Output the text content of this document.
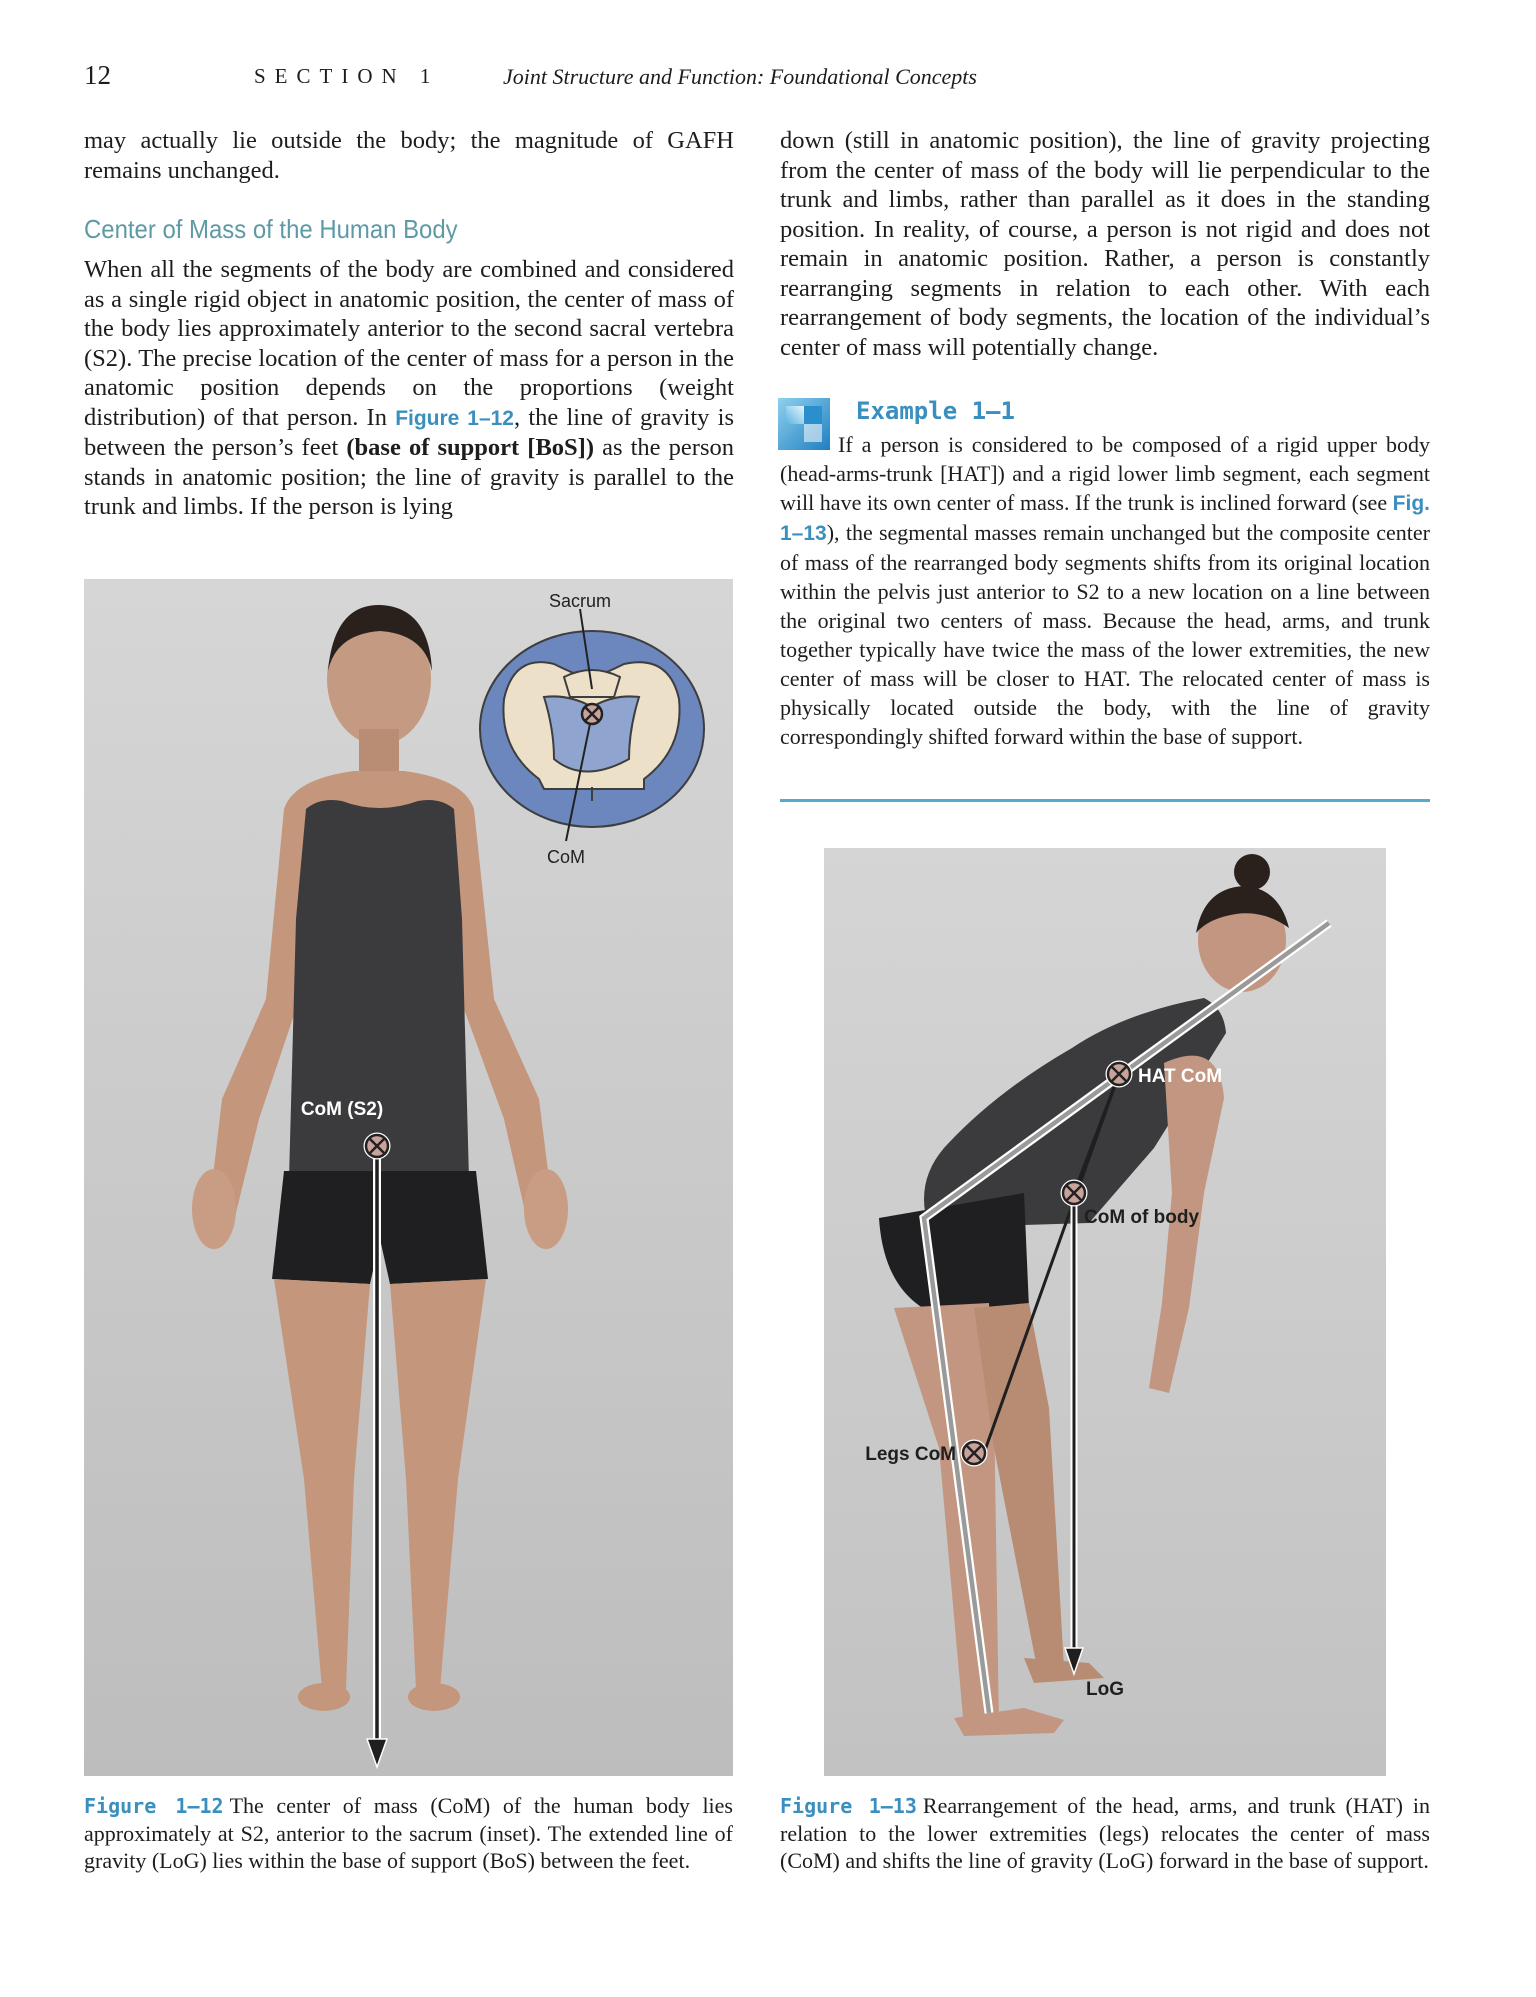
12	SECTION 1	Joint Structure and Function: Foundational Concepts
may actually lie outside the body; the magnitude of GAFH remains unchanged.
Center of Mass of the Human Body
When all the segments of the body are combined and considered as a single rigid object in anatomic position, the center of mass of the body lies approximately anterior to the second sacral vertebra (S2). The precise location of the center of mass for a person in the anatomic position depends on the proportions (weight distribution) of that person. In Figure 1–12, the line of gravity is between the person’s feet (base of support [BoS]) as the person stands in anatomic position; the line of gravity is parallel to the trunk and limbs. If the person is lying
down (still in anatomic position), the line of gravity projecting from the center of mass of the body will lie perpendicular to the trunk and limbs, rather than parallel as it does in the standing position. In reality, of course, a person is not rigid and does not remain in anatomic position. Rather, a person is constantly rearranging segments in relation to each other. With each rearrangement of body segments, the location of the individual’s center of mass will potentially change.
Example 1–1
If a person is considered to be composed of a rigid upper body (head-arms-trunk [HAT]) and a rigid lower limb segment, each segment will have its own center of mass. If the trunk is inclined forward (see Fig. 1–13), the segmental masses remain unchanged but the composite center of mass of the rearranged body segments shifts from its original location within the pelvis just anterior to S2 to a new location on a line between the original two centers of mass. Because the head, arms, and trunk together typically have twice the mass of the lower extremities, the new center of mass will be closer to HAT. The relocated center of mass is physically located outside the body, with the line of gravity correspondingly shifted forward within the base of support.
Sacrum
CoM
CoM (S2)
HAT CoM
CoM of body
Legs CoM
LoG
Figure 1–12 The center of mass (CoM) of the human body lies approximately at S2, anterior to the sacrum (inset). The extended line of gravity (LoG) lies within the base of support (BoS) between the feet.
Figure 1–13 Rearrangement of the head, arms, and trunk (HAT) in relation to the lower extremities (legs) relocates the center of mass (CoM) and shifts the line of gravity (LoG) forward in the base of support.
